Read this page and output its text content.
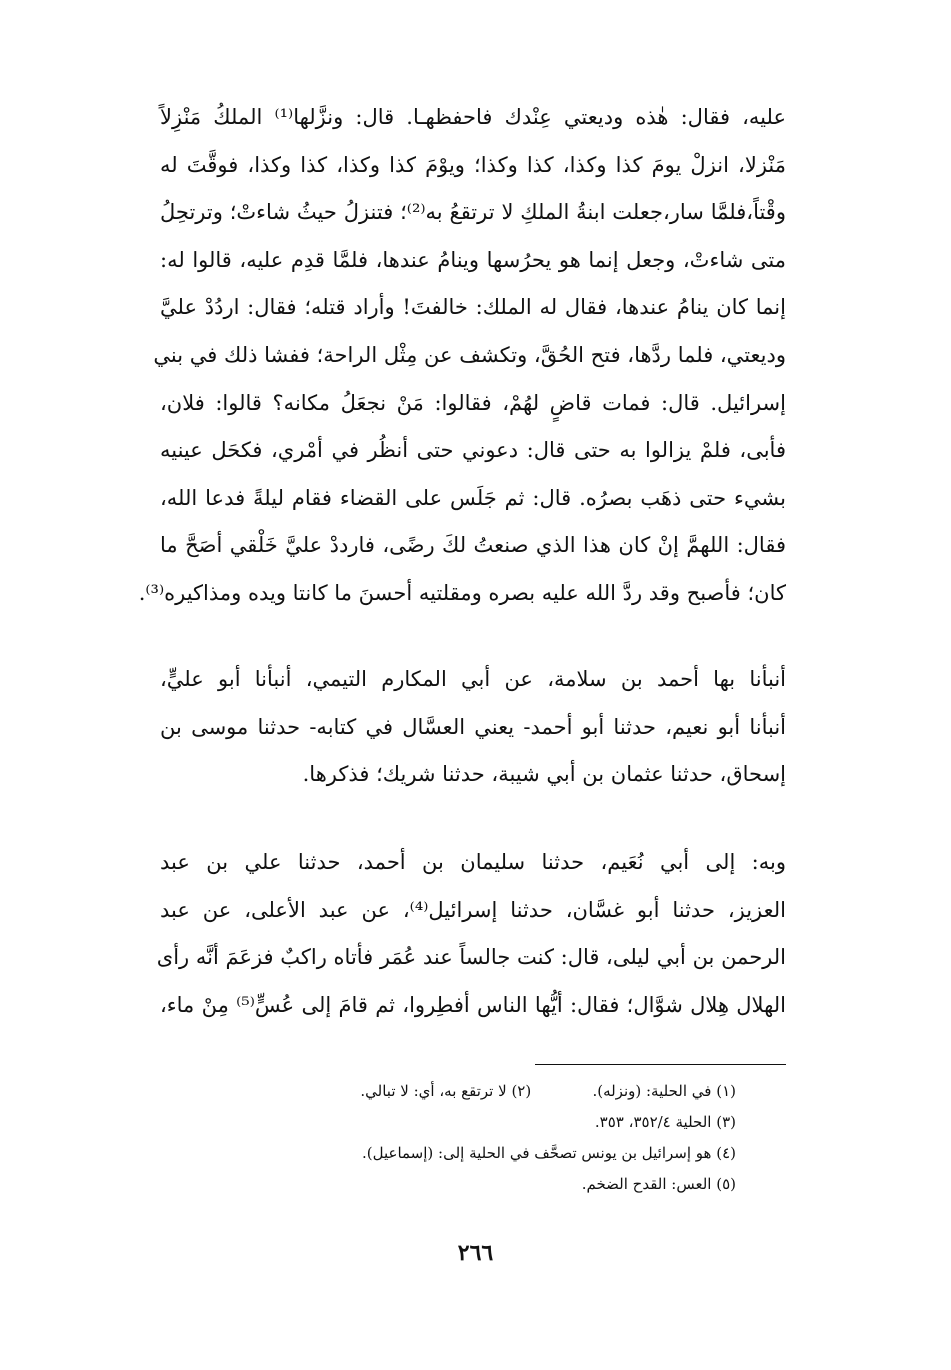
عليه، فقال: هٰذه وديعتي عِنْدك فاحفظهـا. قال: ونزَّلها⁽¹⁾ الملكُ مَنْزِلاً
مَنْزلا، انزلْ يومَ كذا وكذا، كذا وكذا؛ ويوْمَ كذا وكذا، كذا وكذا، فوقَّتَ له
وقْتاً،فلمَّا سار،جعلت ابنةُ الملكِ لا ترتقعُ به⁽²⁾؛ فتنزلُ حيثُ شاءتْ؛ وترتحِلُ
متى شاءتْ، وجعل إنما هو يحرُسها وينامُ عندها، فلمَّا قدِم عليه، قالوا له:
إنما كان ينامُ عندها، فقال له الملك: خالفتَ! وأراد قتله؛ فقال: اردُدْ عليَّ
وديعتي، فلما ردَّها، فتح الحُقَّ، وتكشف عن مِثْل الراحة؛ ففشا ذلك في بني
إسرائيل. قال: فمات قاضٍ لهُمْ، فقالوا: مَنْ نجعَلُ مكانه؟ قالوا: فلان،
فأبى، فلمْ يزالوا به حتى قال: دعوني حتى أنظُر في أمْري، فكحَل عينيه
بشيء حتى ذهَب بصرُه. قال: ثم جَلَس على القضاء فقام ليلةً فدعا الله،
فقال: اللهمَّ إنْ كان هذا الذي صنعتُ لكَ رضًى، فارددْ عليَّ خَلْقي أصَحَّ ما
كان؛ فأصبح وقد ردَّ الله عليه بصره ومقلتيه أحسنَ ما كانتا ويده ومذاكيره⁽³⁾.
أنبأنا بها أحمد بن سلامة، عن أبي المكارم التيمي، أنبأنا أبو عليٍّ،
أنبأنا أبو نعيم، حدثنا أبو أحمد- يعني العسَّال في كتابه- حدثنا موسى بن
إسحاق، حدثنا عثمان بن أبي شيبة، حدثنا شريك؛ فذكرها.
وبه: إلى أبي نُعَيم، حدثنا سليمان بن أحمد، حدثنا علي بن عبد
العزيز، حدثنا أبو غسَّان، حدثنا إسرائيل⁽⁴⁾، عن عبد الأعلى، عن عبد
الرحمن بن أبي ليلى، قال: كنت جالساً عند عُمَر فأتاه راكبٌ فزعَمَ أنَّه رأى
الهلال هِلال شوَّال؛ فقال: أيُّها الناس أفطِروا، ثم قامَ إلى عُسٍّ⁽⁵⁾ مِنْ ماء،
(١) في الحلية: (ونزله). (٢) لا ترتقع به، أي: لا تبالي.
(٣) الحلية ٣٥٢/٤، ٣٥٣.
(٤) هو إسرائيل بن يونس تصحَّف في الحلية إلى: (إسماعيل).
(٥) العس: القدح الضخم.
٢٦٦
